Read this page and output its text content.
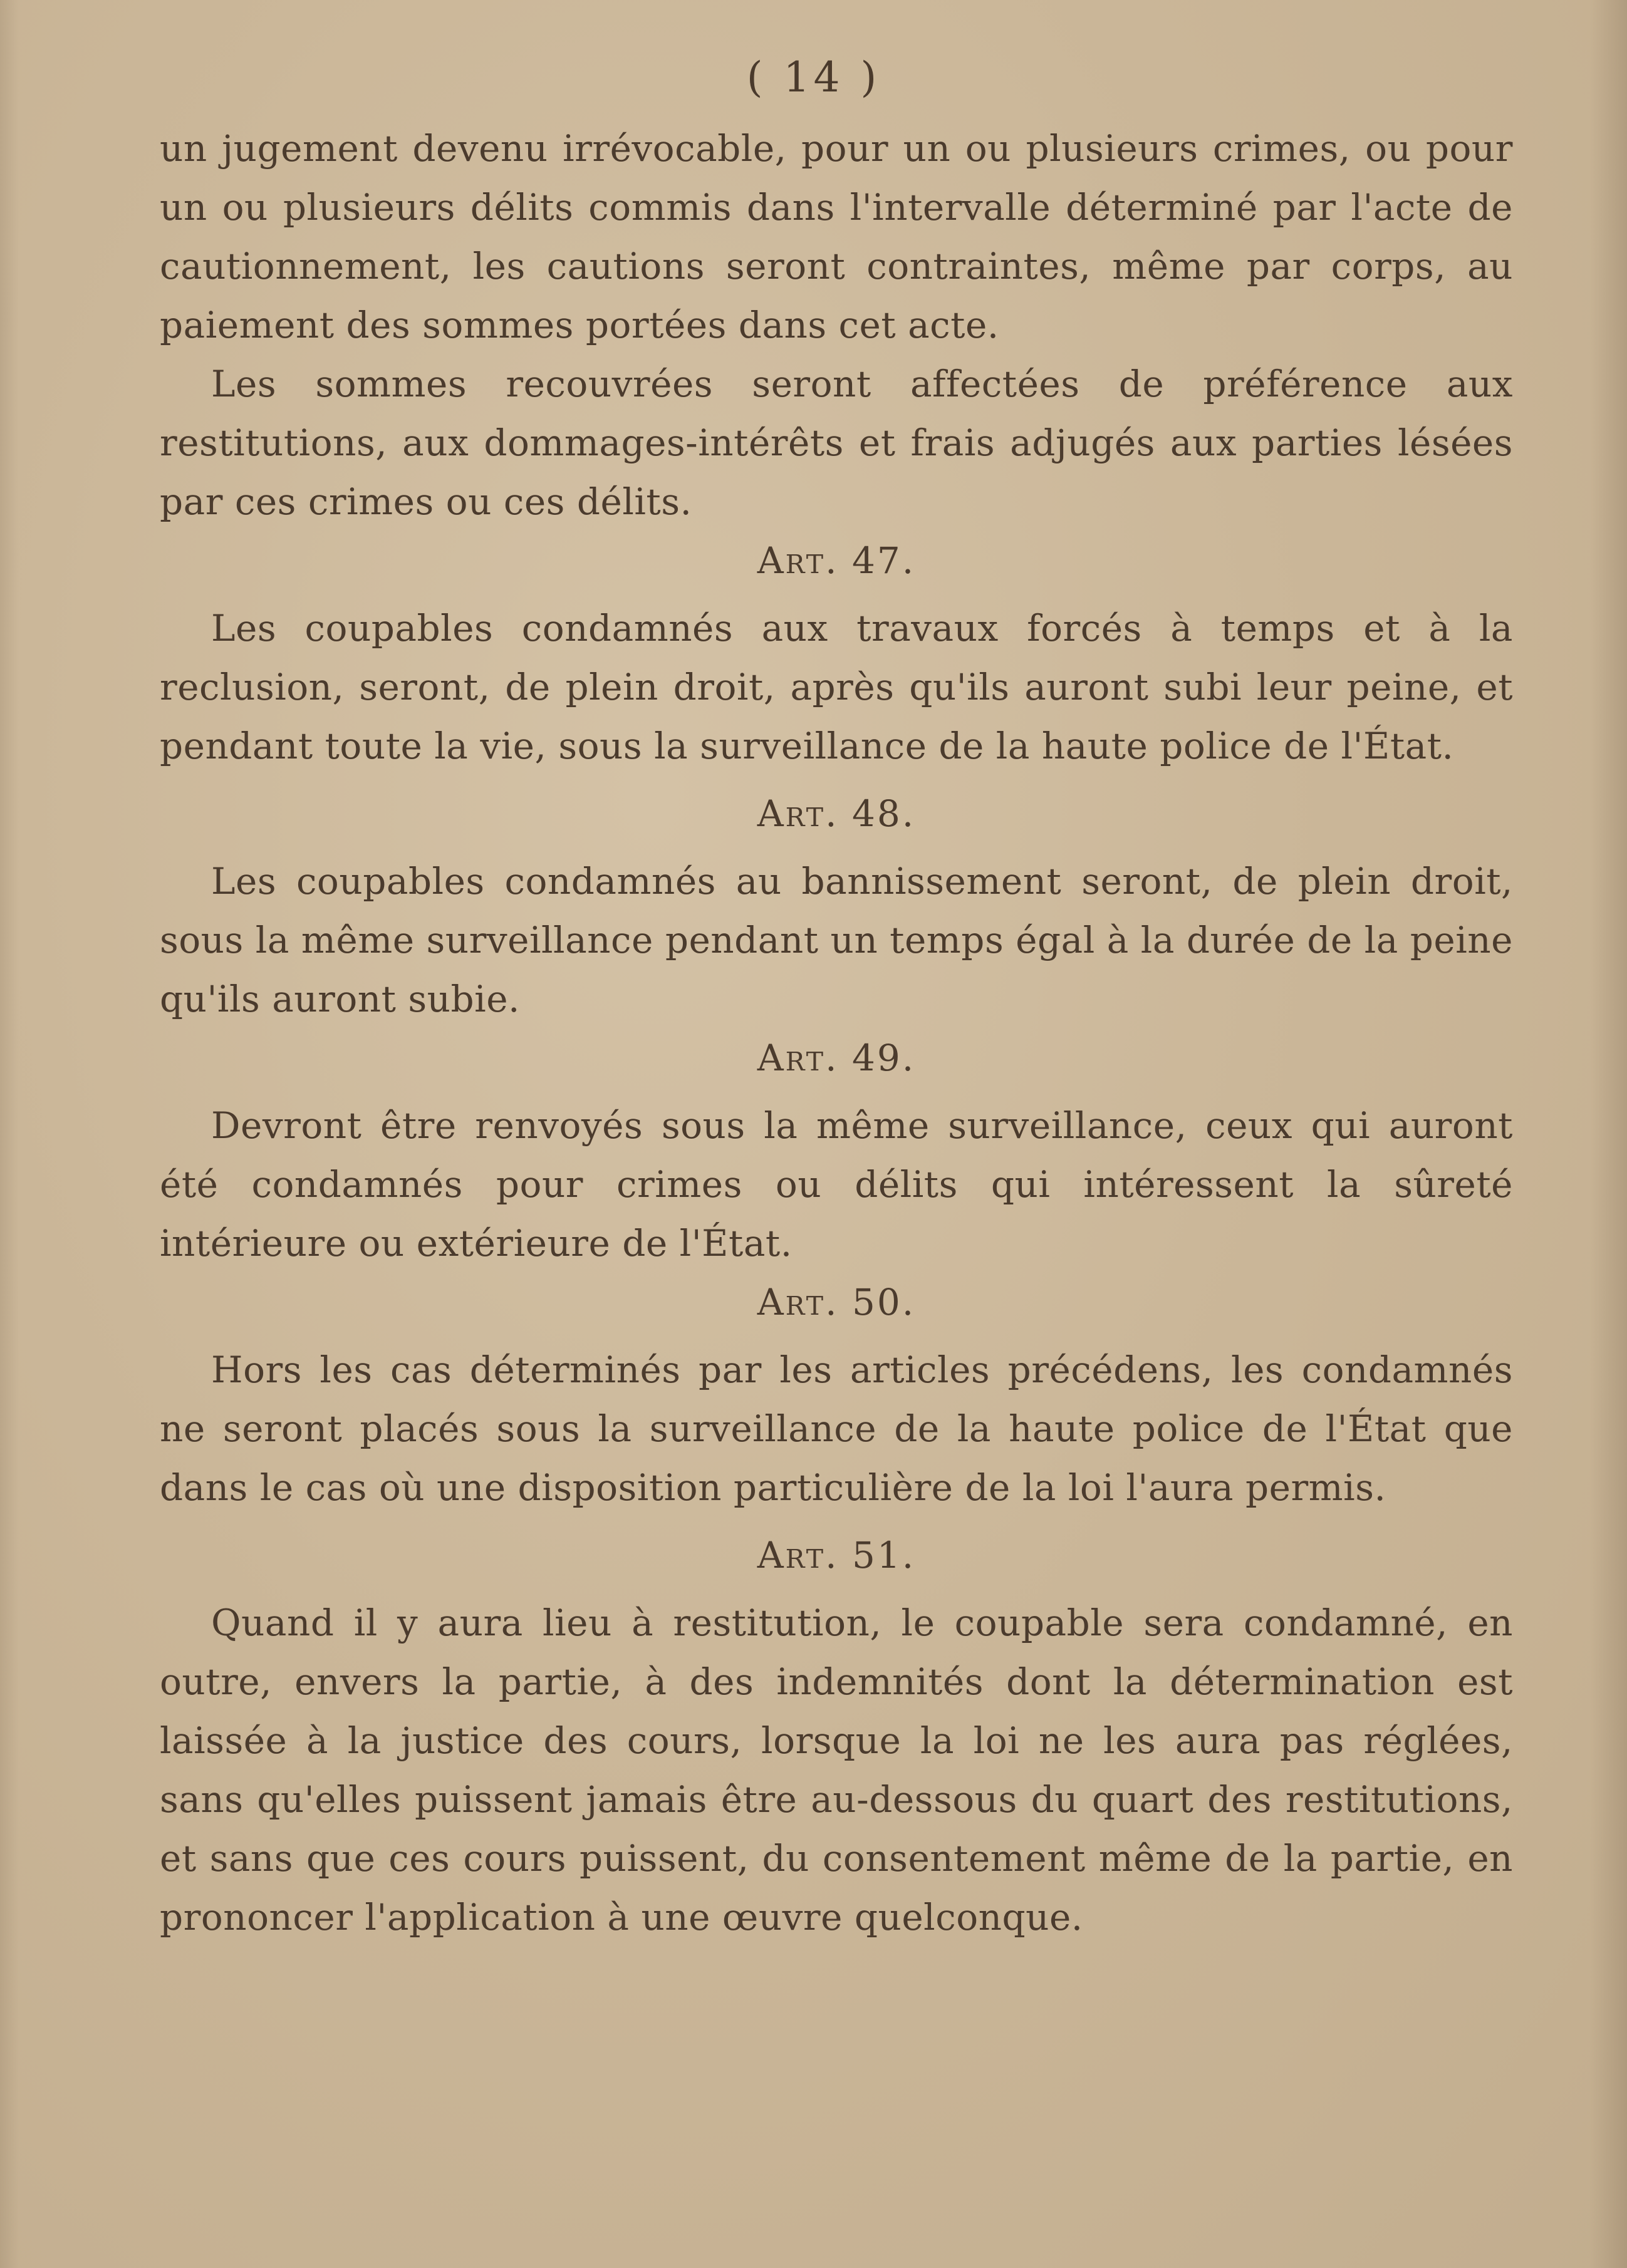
( 14 )

un jugement devenu irrévocable, pour un ou plusieurs crimes, ou pour un ou plusieurs délits commis dans l'intervalle déterminé par l'acte de cautionnement, les cautions seront contraintes, même par corps, au paiement des sommes portées dans cet acte.

Les sommes recouvrées seront affectées de préférence aux restitutions, aux dommages-intérêts et frais adjugés aux parties lésées par ces crimes ou ces délits.

Art. 47.

Les coupables condamnés aux travaux forcés à temps et à la reclusion, seront, de plein droit, après qu'ils auront subi leur peine, et pendant toute la vie, sous la surveillance de la haute police de l'État.

Art. 48.

Les coupables condamnés au bannissement seront, de plein droit, sous la même surveillance pendant un temps égal à la durée de la peine qu'ils auront subie.

Art. 49.

Devront être renvoyés sous la même surveillance, ceux qui auront été condamnés pour crimes ou délits qui intéressent la sûreté intérieure ou extérieure de l'État.

Art. 50.

Hors les cas déterminés par les articles précédens, les condamnés ne seront placés sous la surveillance de la haute police de l'État que dans le cas où une disposition particulière de la loi l'aura permis.

Art. 51.

Quand il y aura lieu à restitution, le coupable sera condamné, en outre, envers la partie, à des indemnités dont la détermination est laissée à la justice des cours, lorsque la loi ne les aura pas réglées, sans qu'elles puissent jamais être au-dessous du quart des restitutions, et sans que ces cours puissent, du consentement même de la partie, en prononcer l'application à une œuvre quelconque.
